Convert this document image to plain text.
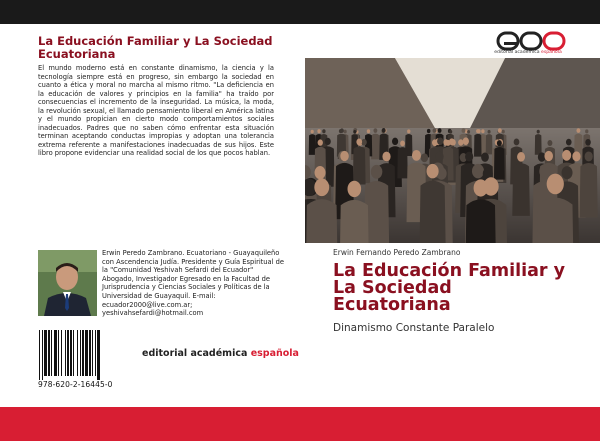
La Educación Familiar y La Sociedad Ecuatoriana
El mundo moderno está en constante dinamismo, la ciencia y la tecnología siempre está en progreso, sin embargo la sociedad en cuanto a ética y moral no marcha al mismo ritmo. "La deficiencia en la educación de valores y principios en la familia" ha traído por consecuencias el incremento de la inseguridad. La música, la moda, la revolución sexual, el llamado pensamiento liberal en América latina y el mundo propician en cierto modo comportamientos sociales inadecuados. Padres que no saben cómo enfrentar esta situación terminan aceptando conductas impropias y adoptan una tolerancia extrema referente a manifestaciones inadecuadas de sus hijos. Este libro propone evidenciar una realidad social de los que pocos hablan.
Erwin Peredo Zambrano. Ecuatoriano - Guayaquileño con Ascendencia Judía. Presidente y Guía Espiritual de la "Comunidad Yeshivah Sefardi del Ecuador" Abogado, Investigador Egresado en la Facultad de Jurisprudencia y Ciencias Sociales y Políticas de la Universidad de Guayaquil. E-mail: ecuador2000@live.com.ar; yeshivahsefardi@hotmail.com
978-620-2-16445-0
editorial académica española
editorial académica española
Erwin Fernando Peredo Zambrano
La Educación Familiar y La Sociedad Ecuatoriana
Dinamismo Constante Paralelo
